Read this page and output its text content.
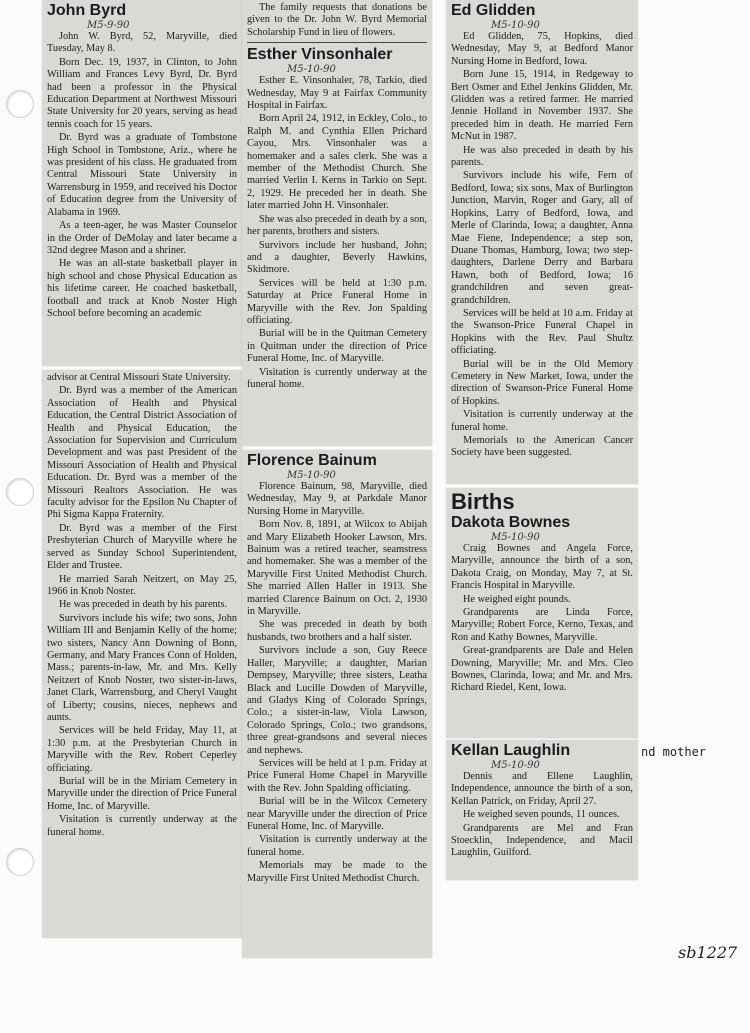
John Byrd
M5-9-90

John W. Byrd, 52, Maryville, died Tuesday, May 8.

Born Dec. 19, 1937, in Clinton, to John William and Frances Levy Byrd, Dr. Byrd had been a professor in the Physical Education Department at Northwest Missouri State University for 20 years, serving as head tennis coach for 15 years.

Dr. Byrd was a graduate of Tombstone High School in Tombstone, Ariz., where he was president of his class. He graduated from Central Missouri State University in Warrensburg in 1959, and received his Doctor of Education degree from the University of Alabama in 1969.

As a teen-ager, he was Master Counselor in the Order of DeMolay and later became a 32nd degree Mason and a shriner.

He was an all-state basketball player in high school and chose Physical Education as his lifetime career. He coached basketball, football and track at Knob Noster High School before becoming an academic

advisor at Central Missouri State University.

Dr. Byrd was a member of the American Association of Health and Physical Education, the Central District Association of Health and Physical Education, the Association for Supervision and Curriculum Development and was past President of the Missouri Association of Health and Physical Education. Dr. Byrd was a member of the Missouri Realtors Association. He was faculty advisor for the Epsilon Nu Chapter of Phi Sigma Kappa Fraternity.

Dr. Byrd was a member of the First Presbyterian Church of Maryville where he served as Sunday School Superintendent, Elder and Trustee.

He married Sarah Neitzert, on May 25, 1966 in Knob Noster.

He was preceded in death by his parents.

Survivors include his wife; two sons, John William III and Benjamin Kelly of the home; two sisters, Nancy Ann Downing of Bonn, Germany, and Mary Frances Conn of Holden, Mass.; parents-in-law, Mr. and Mrs. Kelly Neitzert of Knob Noster, two sister-in-laws, Janet Clark, Warrensburg, and Cheryl Vaught of Liberty; cousins, nieces, nephews and aunts.

Services will be held Friday, May 11, at 1:30 p.m. at the Presbyterian Church in Maryville with the Rev. Robert Ceperley officiating.

Burial will be in the Miriam Cemetery in Maryville under the direction of Price Funeral Home, Inc. of Maryville.

Visitation is currently underway at the funeral home.

The family requests that donations be given to the Dr. John W. Byrd Memorial Scholarship Fund in lieu of flowers.

Esther Vinsonhaler
M5-10-90

Esther E. Vinsonhaler, 78, Tarkio, died Wednesday, May 9 at Fairfax Community Hospital in Fairfax.

Born April 24, 1912, in Eckley, Colo., to Ralph M. and Cynthia Ellen Prichard Cayou, Mrs. Vinsonhaler was a homemaker and a sales clerk. She was a member of the Methodist Church. She married Verlin I. Kerns in Tarkio on Sept. 2, 1929. He preceded her in death. She later married John H. Vinsonhaler.

She was also preceded in death by a son, her parents, brothers and sisters.

Survivors include her husband, John; and a daughter, Beverly Hawkins, Skidmore.

Services will be held at 1:30 p.m. Saturday at Price Funeral Home in Maryville with the Rev. Jon Spalding officiating.

Burial will be in the Quitman Cemetery in Quitman under the direction of Price Funeral Home, Inc. of Maryville.

Visitation is currently underway at the funeral home.

Florence Bainum
M5-10-90

Florence Bainum, 98, Maryville, died Wednesday, May 9, at Parkdale Manor Nursing Home in Maryville.

Born Nov. 8, 1891, at Wilcox to Abijah and Mary Elizabeth Hooker Lawson, Mrs. Bainum was a retired teacher, seamstress and homemaker. She was a member of the Maryville First United Methodist Church. She married Allen Haller in 1913. She married Clarence Bainum on Oct. 2, 1930 in Maryville.

She was preceded in death by both husbands, two brothers and a half sister.

Survivors include a son, Guy Reece Haller, Maryville; a daughter, Marian Dempsey, Maryville; three sisters, Leatha Black and Lucille Dowden of Maryville, and Gladys King of Colorado Springs, Colo.; a sister-in-law, Viola Lawson, Colorado Springs, Colo.; two grandsons, three great-grandsons and several nieces and nephews.

Services will be held at 1 p.m. Friday at Price Funeral Home Chapel in Maryville with the Rev. John Spalding officiating.

Burial will be in the Wilcox Cemetery near Maryville under the direction of Price Funeral Home, Inc. of Maryville.

Visitation is currently underway at the funeral home.

Memorials may be made to the Maryville First United Methodist Church.

Ed Glidden
M5-10-90

Ed Glidden, 75, Hopkins, died Wednesday, May 9, at Bedford Manor Nursing Home in Bedford, Iowa.

Born June 15, 1914, in Redgeway to Bert Osmer and Ethel Jenkins Glidden, Mr. Glidden was a retired farmer. He married Jennie Holland in November 1937. She preceded him in death. He married Fern McNut in 1987.

He was also preceded in death by his parents.

Survivors include his wife, Fern of Bedford, Iowa; six sons, Max of Burlington Junction, Marvin, Roger and Gary, all of Hopkins, Larry of Bedford, Iowa, and Merle of Clarinda, Iowa; a daughter, Anna Mae Fiene, Independence; a step son, Duane Thomas, Hamburg, Iowa; two step-daughters, Darlene Derry and Barbara Hawn, both of Bedford, Iowa; 16 grandchildren and seven great-grandchildren.

Services will be held at 10 a.m. Friday at the Swanson-Price Funeral Chapel in Hopkins with the Rev. Paul Shultz officiating.

Burial will be in the Old Memory Cemetery in New Market, Iowa, under the direction of Swanson-Price Funeral Home of Hopkins.

Visitation is currently underway at the funeral home.

Memorials to the American Cancer Society have been suggested.

Births
Dakota Bownes
M5-10-90

Craig Bownes and Angela Force, Maryville, announce the birth of a son, Dakota Craig, on Monday, May 7, at St. Francis Hospital in Maryville.

He weighed eight pounds.

Grandparents are Linda Force, Maryville; Robert Force, Kerno, Texas, and Ron and Kathy Bownes, Maryville.

Great-grandparents are Dale and Helen Downing, Maryville; Mr. and Mrs. Cleo Bownes, Clarinda, Iowa; and Mr. and Mrs. Richard Riedel, Kent, Iowa.

Kellan Laughlin
M5-10-90

Dennis and Ellene Laughlin, Independence, announce the birth of a son, Kellan Patrick, on Friday, April 27.

He weighed seven pounds, 11 ounces.

Grandparents are Mel and Fran Stoecklin, Independence, and Macil Laughlin, Guilford.

nd mother
sb1227
